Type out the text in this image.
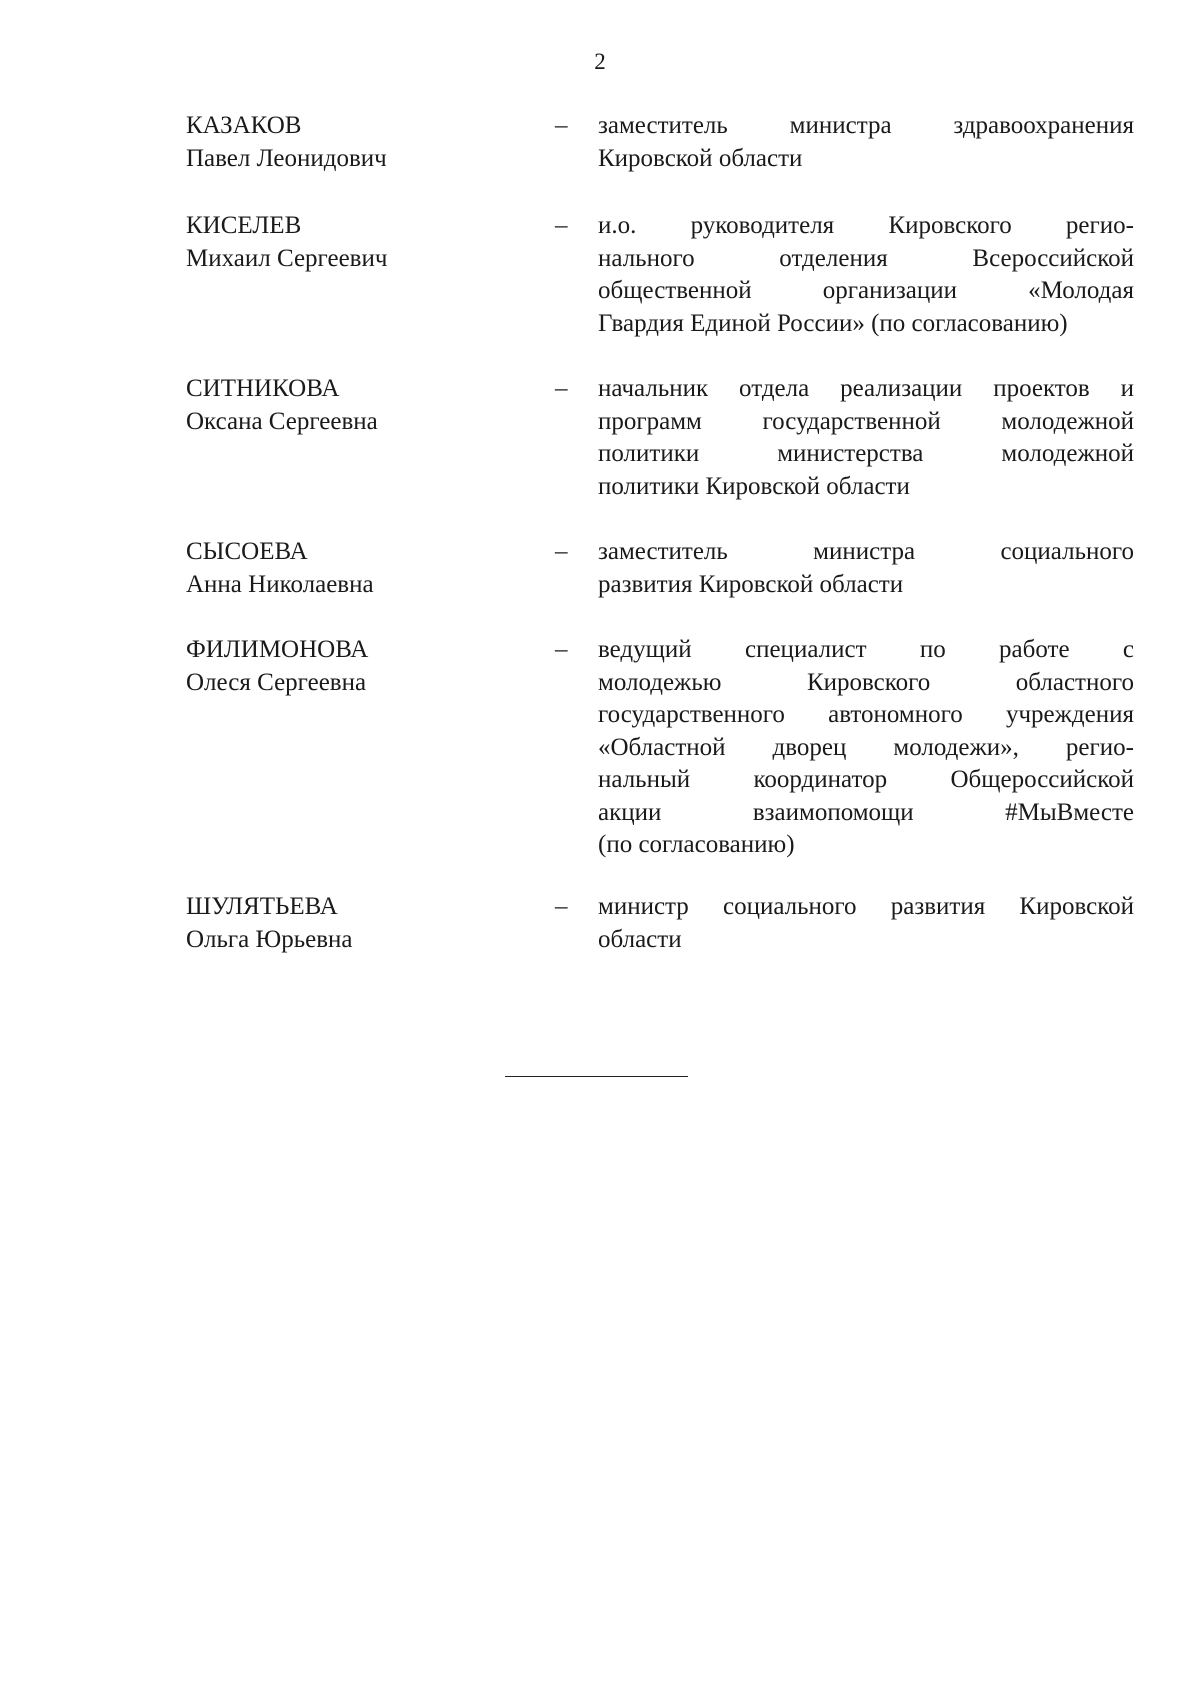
2
КАЗАКОВ
Павел Леонидович
– заместитель министра здравоохранения
Кировской области
КИСЕЛЕВ
Михаил Сергеевич
– и.о. руководителя Кировского регио-
нального отделения Всероссийской
общественной организации «Молодая
Гвардия Единой России» (по согласованию)
СИТНИКОВА
Оксана Сергеевна
– начальник отдела реализации проектов и
программ государственной молодежной
политики министерства молодежной
политики Кировской области
СЫСОЕВА
Анна Николаевна
– заместитель министра социального
развития Кировской области
ФИЛИМОНОВА
Олеся Сергеевна
– ведущий специалист по работе с
молодежью Кировского областного
государственного автономного учреждения
«Областной дворец молодежи», регио-
нальный координатор Общероссийской
акции взаимопомощи #МыВместе
(по согласованию)
ШУЛЯТЬЕВА
Ольга Юрьевна
– министр социального развития Кировской
области
